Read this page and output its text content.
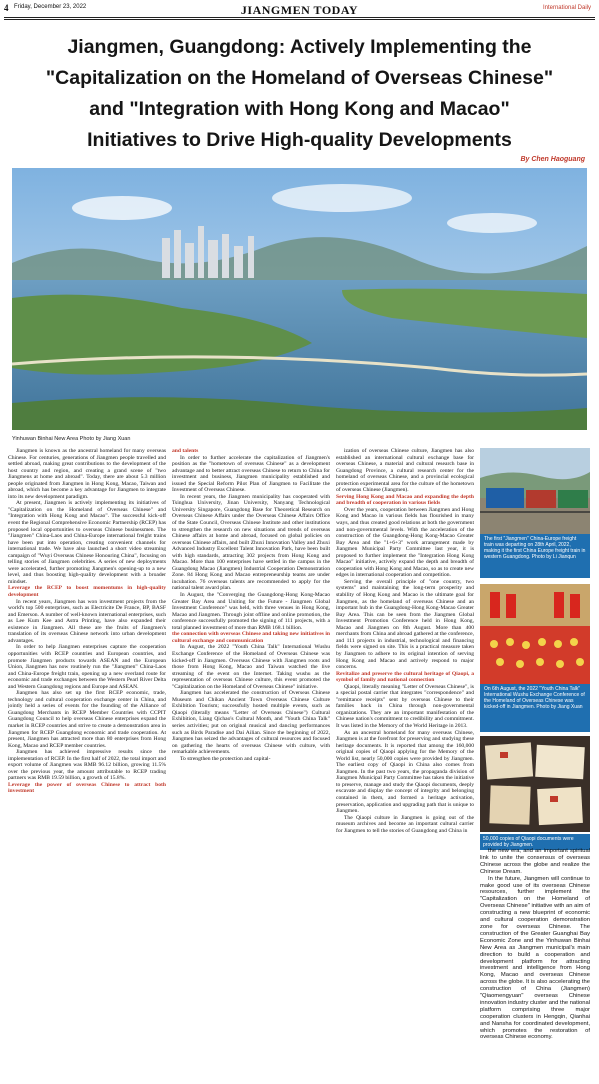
4 Friday, December 23, 2022	JIANGMEN TODAY	International Daily
Jiangmen, Guangdong: Actively Implementing the
"Capitalization on the Homeland of Overseas Chinese"
and "Integration with Hong Kong and Macao"
Initiatives to Drive High-quality Developments
By Chen Haoguang
Yinhuwan Binhai New Area Photo by Jiang Xuan

Jiangmen is known as the ancestral homeland for many overseas Chinese. For centuries, generations of Jiangmen people travelled and settled abroad, making great contributions to the development of the host country and region, and creating a grand scene of "two Jiangmens at home and abroad". Today, there are about 5.3 million people originated from Jiangmen in Hong Kong, Macao, Taiwan and abroad, which has become a key advantage for Jiangmen to integrate into its new development paradigm.

At present, Jiangmen is actively implementing its initiatives of "Capitalization on the Homeland of Overseas Chinese" and "Integration with Hong Kong and Macao". The successful kick-off event the Regional Comprehensive Economic Partnership (RCEP) has proposed local opportunities to overseas Chinese businessmen. The "Jiangmen" China-Laos and China-Europe international freight trains have been put into operation, creating convenient channels for international trade. We have also launched a short video streaming campaign of "Wuyi Overseas Chinese Honouring China", focusing on telling stories of Jiangmen celebrities. A series of new deployments were accelerated, further promoting Jiangmen's opening-up to a new level, and thus boosting high-quality development with a broader mindset.

Leverage the RCEP to boost momentums in high-quality development

In recent years, Jiangmen has won investment projects from the world's top 500 enterprises, such as Electricite De France, BP, BASF and Emerson. A number of well-known international enterprises, such as Lee Kum Kee and Astra Printing, have also expanded their existence in Jiangmen. All these are the fruits of Jiangmen's translation of its overseas Chinese network into urban development advantages.

In order to help Jiangmen enterprises capture the cooperation opportunities with RCEP countries and European countries, and promote Jiangmen products towards ASEAN and the European Union, Jiangmen has now routinely run the "Jiangmen" China-Laos and China-Europe freight train, opening up a new overland route for economic and trade exchanges between the Western Pearl River Delta and Western Guangdong regions and Europe and ASEAN.

Jiangmen has also set up the first RCEP economic, trade, technology and cultural cooperation exchange center in China, and jointly held a series of events for the founding of the Alliance of Guangdong Merchants in RCEP Member Countries with CCPIT Guangdong Council to help overseas Chinese enterprises expand the market in RCEP countries and strive to create a demonstration area in Jiangmen for RCEP Guangdong economic and trade cooperation. At present, Jiangmen has attracted more than 80 enterprises from Hong Kong, Macao and RCEP member countries.

Jiangmen has achieved impressive results since the implementation of RCEP. In the first half of 2022, the total import and export volume of Jiangmen was RMB 96.12 billion, growing 11.5% over the previous year, the amount attributable to RCEP trading partners was RMB 19.59 billion, a growth of 15.8%.

Leverage the power of overseas Chinese to attract both investment

and talents

In order to further accelerate the capitalization of Jiangmen's position as the "hometown of overseas Chinese" as a development advantage and to better attract overseas Chinese to return to China for investment and business, Jiangmen municipality established and issued the Special Reform Pilot Plan of Jiangmen to Facilitate the Investment of Overseas Chinese.

In recent years, the Jiangmen municipality has cooperated with Tsinghua University, Jinan University, Nanyang Technological University Singapore, Guangdong Base for Theoretical Research on Overseas Chinese Affairs under the Overseas Chinese Affairs Office of the State Council, Overseas Chinese Institute and other institutions to strengthen the research on new situations and trends of overseas Chinese affairs at home and abroad, focused on global policies on overseas Chinese affairs, and built Zhuxi Innovation Valley and Zhuxi Advanced Industry Excellent Talent Innovation Park, have been built with high standards, attracting 302 projects from Hong Kong and Macao. More than 100 enterprises have settled in the campus in the Guangdong Macao (Jiangmen) Industrial Cooperation Demonstration Zone. 84 Hong Kong and Macao entrepreneurship teams are under incubation. 76 overseas talents are recommended to apply for the national talent award plan.

In August, the "Converging the Guangdong-Hong Kong-Macao Greater Bay Area and Uniting for the Future - Jiangmen Global Investment Conference" was held, with three venues in Hong Kong, Macao and Jiangmen. Through joint offline and online promotion, the conference successfully promoted the signing of 111 projects, with a total planned investment of more than RMB 168.1 billion.

the connection with overseas Chinese and taking new initiatives in cultural exchange and communication

In August, the 2022 "Youth China Talk" International Wushu Exchange Conference of the Homeland of Overseas Chinese was kicked-off in Jiangmen. Overseas Chinese with Jiangmen roots and those from Hong Kong, Macao and Taiwan watched the live streaming of the event on the Internet. Taking wushu as the representation of overseas Chinese culture, this event promoted the "Capitalization on the Homeland of Overseas Chinese" initiative.

Jiangmen has accelerated the construction of Overseas Chinese Museum and Chikan Ancient Town Overseas Chinese Culture Exhibition Tourism; successfully hosted multiple events, such as Qiaopi (literally means "Letter of Overseas Chinese") Cultural Exhibition, Liang Qichao's Cultural Month, and "Youth China Talk" series activities; put on original musical and dancing performances such as Birds Paradise and Dai Ailian. Since the beginning of 2022, Jiangmen has seized the advantages of cultural resources and focused on gathering the hearts of overseas Chinese with culture, with remarkable achievements.

To strengthen the protection and capital-

ization of overseas Chinese culture, Jiangmen has also established an international cultural exchange base for overseas Chinese, a material and cultural research base in Guangdong Province, a cultural research center for the homeland of overseas Chinese, and a provincial ecological protection experimental area for the culture of the hometown of overseas Chinese (Jiangmen).

Serving Hong Kong and Macao and expanding the depth and breadth of cooperation in various fields

Over the years, cooperation between Jiangmen and Hong Kong and Macao in various fields has flourished in many ways, and thus created good relations at both the government and non-governmental levels. With the acceleration of the construction of the Guangdong-Hong Kong-Macao Greater Bay Area and the "1+6+3" work arrangement made by Jiangmen Municipal Party Committee last year, it is proposed to further implement the "Integration Hong Kong Macao" initiative, actively expand the depth and breadth of cooperation with Hong Kong and Macao, so as to create new edges in international cooperation and competition.

Serving the overall principle of "one country, two systems" and maintaining the long-term prosperity and stability of Hong Kong and Macao is the ultimate goal for Jiangmen, as the homeland of overseas Chinese and an important hub in the Guangdong-Hong Kong-Macao Greater Bay Area. This can be seen from the Jiangmen Global Investment Promotion Conference held in Hong Kong, Macao and Jiangmen on 8th August. More than 400 merchants from China and abroad gathered at the conference, and 111 projects in industrial, technological and financing fields were signed on site. This is a practical measure taken by Jiangmen to adhere to its original intention of serving Hong Kong and Macao and actively respond to major concerns.

Revitalize and preserve the cultural heritage of Qiaopi, a symbol of family and national connection

Qiaopi, literally meaning "Letter of Overseas Chinese", is a special postal carrier that integrates "correspondence" and "remittance receipts" sent by overseas Chinese to their families back in China through non-governmental organizations. They are an important manifestation of the Chinese nation's commitment to credibility and commitment. It was listed in the Memory of the World Heritage in 2013.

As an ancestral homeland for many overseas Chinese, Jiangmen is at the forefront for preserving and studying these heritage documents. It is reported that among the 160,000 original copies of Qiaopi applying for the Memory of the World list, nearly 50,000 copies were provided by Jiangmen. The earliest copy of Qiaopi in China also comes from Jiangmen. In the past two years, the propaganda division of Jiangmen Municipal Party Committee has taken the initiative to preserve, manage and study the Qiaopi documents, deeply excavate and display the concept of integrity and belonging contained in them, and formed a heritage activation, preservation, application and upgrading path that is unique to Jiangmen.

The Qiaopi culture in Jiangmen is going out of the museum archives and become an important cultural carrier for Jiangmen to tell the stories of Guangdong and China in

The first "Jiangmen" China-Europe freight train was departing on 28th April, 2022, making it the first China Europe freight train in western Guangdong. Photo by Li Jianqun
On 6th August, the 2022 "Youth China Talk" International Wushu Exchange Conference of the Homeland of Overseas Chinese was kicked-off in Jiangmen. Photo by Jiang Xuan
50,000 copies of Qiaopi documents were provided by Jiangmen.

the new era, and an important spiritual link to unite the consensus of overseas Chinese across the globe and realize the Chinese Dream.

In the future, Jiangmen will continue to make good use of its overseas Chinese resources, further implement the "Capitalization on the Homeland of Overseas Chinese" initiative with an aim of constructing a new blueprint of economic and cultural cooperation demonstration zone for overseas Chinese. The construction of the Greater Guanghai Bay Economic Zone and the Yinhuwan Binhai New Area as Jiangmen municipal's main direction to build a cooperation and development platform for attracting investment and intelligence from Hong Kong, Macao and overseas Chinese across the globe. It is also accelerating the construction of China (Jiangmen) "Qiaomengyuan" overseas Chinese innovation industry cluster and the national platform comprising three major cooperation clusters in Hengqin, Qianhai and Nansha for coordinated development, which promotes the restoration of overseas Chinese economy.
